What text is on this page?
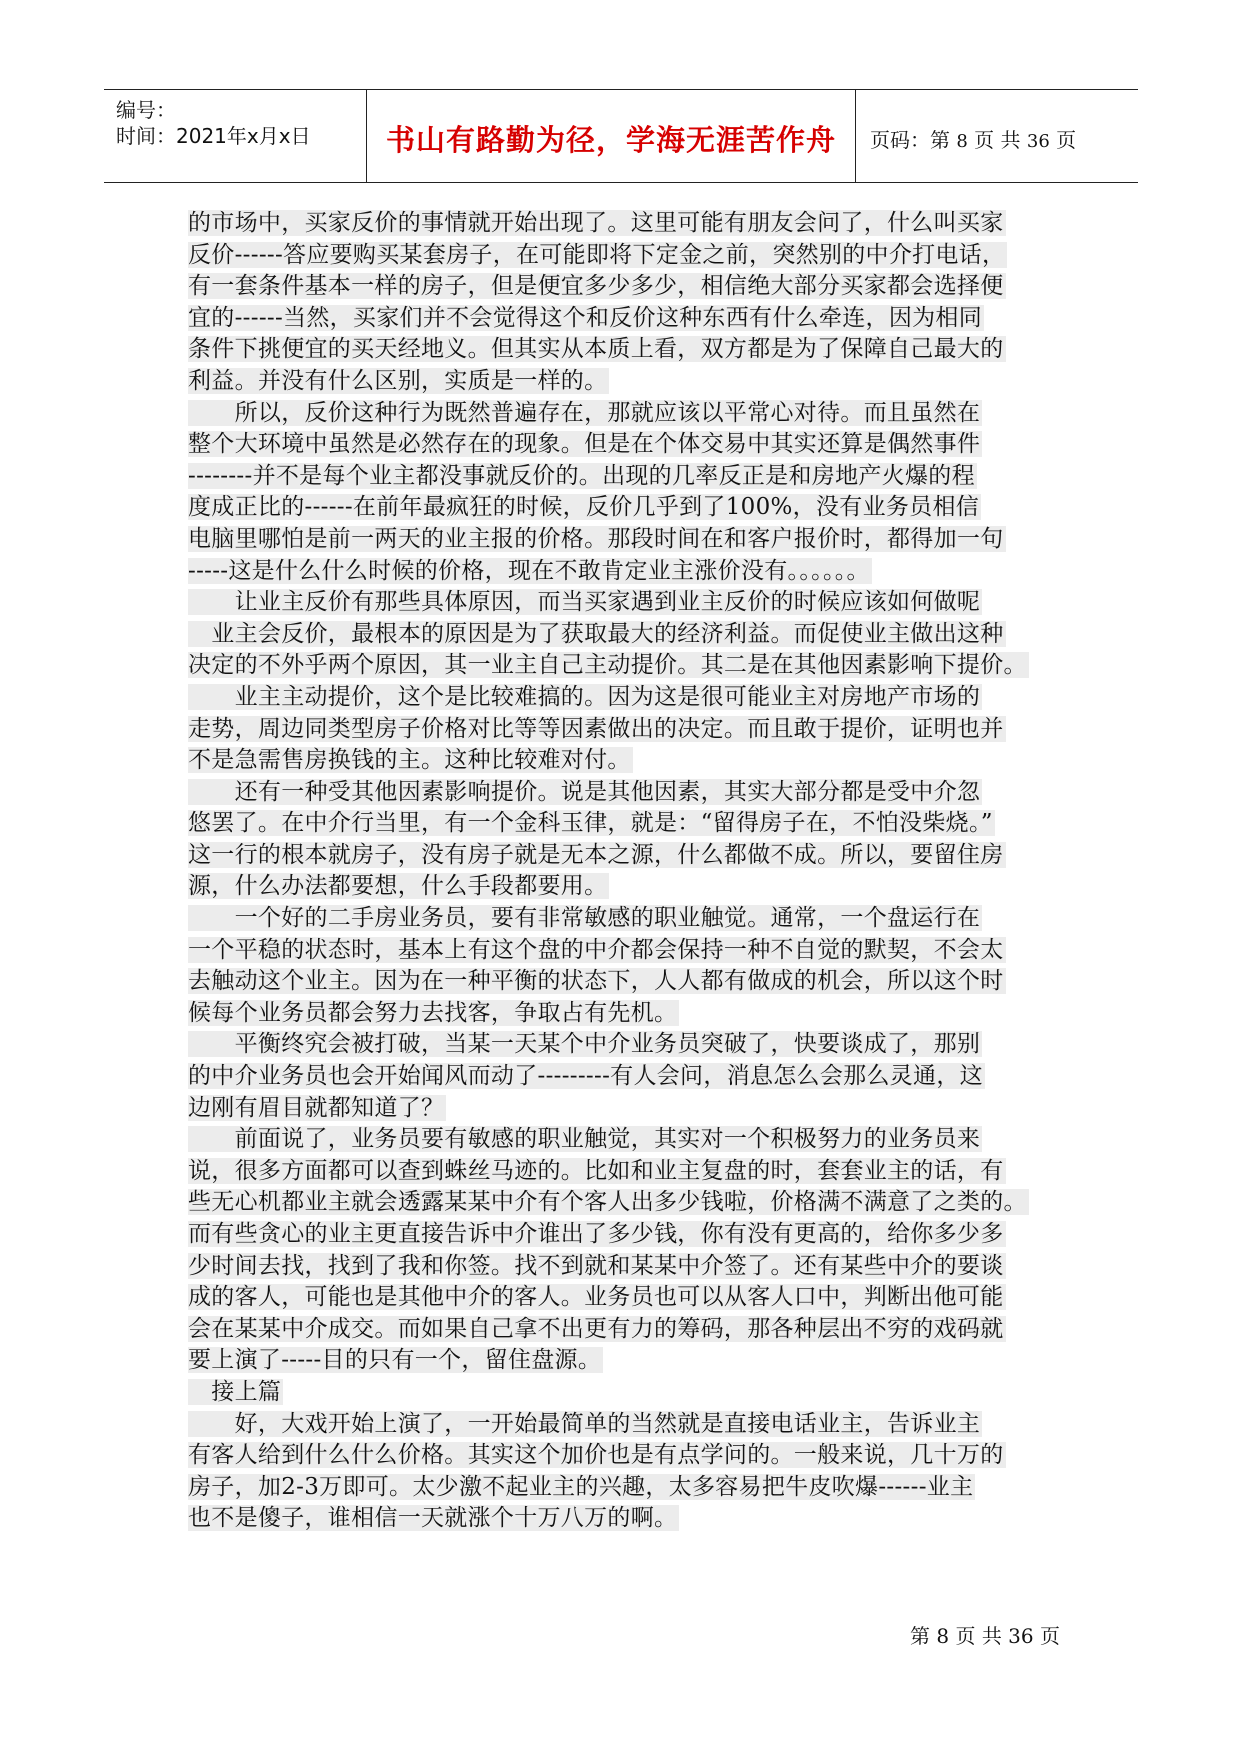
编号：
时间：2021年x月x日	书山有路勤为径，学海无涯苦作舟	页码：第 8 页 共 36 页
的市场中，买家反价的事情就开始出现了。这里可能有朋友会问了，什么叫买家
反价------答应要购买某套房子，在可能即将下定金之前，突然别的中介打电话，
有一套条件基本一样的房子，但是便宜多少多少，相信绝大部分买家都会选择便
宜的------当然，买家们并不会觉得这个和反价这种东西有什么牵连，因为相同
条件下挑便宜的买天经地义。但其实从本质上看，双方都是为了保障自己最大的
利益。并没有什么区别，实质是一样的。
　　所以，反价这种行为既然普遍存在，那就应该以平常心对待。而且虽然在
整个大环境中虽然是必然存在的现象。但是在个体交易中其实还算是偶然事件
--------并不是每个业主都没事就反价的。出现的几率反正是和房地产火爆的程
度成正比的------在前年最疯狂的时候，反价几乎到了100%，没有业务员相信
电脑里哪怕是前一两天的业主报的价格。那段时间在和客户报价时，都得加一句
-----这是什么什么时候的价格，现在不敢肯定业主涨价没有。。。。。。
　　让业主反价有那些具体原因，而当买家遇到业主反价的时候应该如何做呢
　业主会反价，最根本的原因是为了获取最大的经济利益。而促使业主做出这种
决定的不外乎两个原因，其一业主自己主动提价。其二是在其他因素影响下提价。
　　业主主动提价，这个是比较难搞的。因为这是很可能业主对房地产市场的
走势，周边同类型房子价格对比等等因素做出的决定。而且敢于提价，证明也并
不是急需售房换钱的主。这种比较难对付。
　　还有一种受其他因素影响提价。说是其他因素，其实大部分都是受中介忽
悠罢了。在中介行当里，有一个金科玉律，就是：“留得房子在，不怕没柴烧。”
这一行的根本就房子，没有房子就是无本之源，什么都做不成。所以，要留住房
源，什么办法都要想，什么手段都要用。
　　一个好的二手房业务员，要有非常敏感的职业触觉。通常，一个盘运行在
一个平稳的状态时，基本上有这个盘的中介都会保持一种不自觉的默契，不会太
去触动这个业主。因为在一种平衡的状态下，人人都有做成的机会，所以这个时
候每个业务员都会努力去找客，争取占有先机。
　　平衡终究会被打破，当某一天某个中介业务员突破了，快要谈成了，那别
的中介业务员也会开始闻风而动了---------有人会问，消息怎么会那么灵通，这
边刚有眉目就都知道了？
　　前面说了，业务员要有敏感的职业触觉，其实对一个积极努力的业务员来
说，很多方面都可以查到蛛丝马迹的。比如和业主复盘的时，套套业主的话，有
些无心机都业主就会透露某某中介有个客人出多少钱啦，价格满不满意了之类的。
而有些贪心的业主更直接告诉中介谁出了多少钱，你有没有更高的，给你多少多
少时间去找，找到了我和你签。找不到就和某某中介签了。还有某些中介的要谈
成的客人，可能也是其他中介的客人。业务员也可以从客人口中，判断出他可能
会在某某中介成交。而如果自己拿不出更有力的筹码，那各种层出不穷的戏码就
要上演了-----目的只有一个，留住盘源。
　接上篇
　　好，大戏开始上演了，一开始最简单的当然就是直接电话业主，告诉业主
有客人给到什么什么价格。其实这个加价也是有点学问的。一般来说，几十万的
房子，加2-3万即可。太少激不起业主的兴趣，太多容易把牛皮吹爆------业主
也不是傻子，谁相信一天就涨个十万八万的啊。
第 8 页 共 36 页
